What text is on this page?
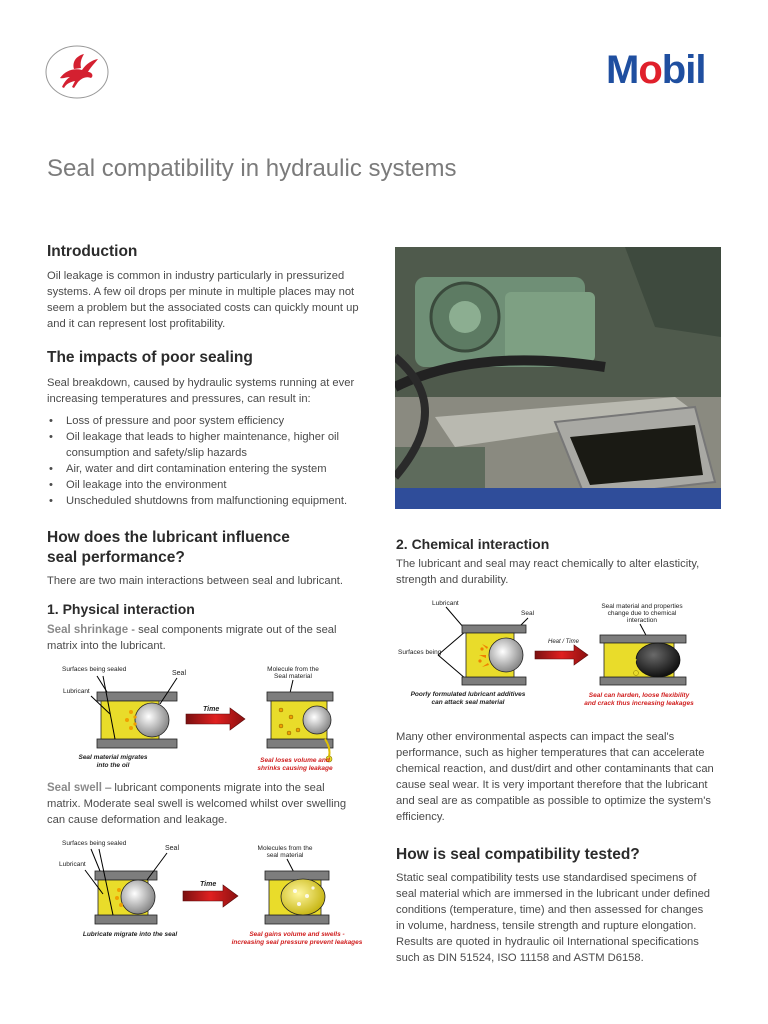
Mobil
Seal compatibility in hydraulic systems
Introduction
Oil leakage is common in industry particularly in pressurized
systems. A few oil drops per minute in multiple places may not
seem a problem but the associated costs can quickly mount up
and it can represent lost profitability.
The impacts of poor sealing
Seal breakdown, caused by hydraulic systems running at ever
increasing temperatures and pressures, can result in:
• Loss of pressure and poor system efficiency
• Oil leakage that leads to higher maintenance, higher oil
consumption and safety/slip hazards
• Air, water and dirt contamination entering the system
• Oil leakage into the environment
• Unscheduled shutdowns from malfunctioning equipment.
How does the lubricant influence
seal performance?

There are two main interactions between seal and lubricant.

1. Physical interaction
Seal shrinkage - seal components migrate out of the seal
matrix into the lubricant.
Surfaces being sealed
Seal
Lubricant
Seal material migrates
into the oil
Time
Molecule from the
Seal material
Seal loses volume and
shrinks causing leakage
Seal swell – lubricant components migrate into the seal
matrix. Moderate seal swell is welcomed whilst over swelling
can cause deformation and leakage.
Surfaces being sealed
Seal
Lubricant
Lubricate migrate into the seal
Time
Molecules from the
seal material
Seal gains volume and swells -
increasing seal pressure prevent leakages
2. Chemical interaction
The lubricant and seal may react chemically to alter elasticity,
strength and durability.
Lubricant
Seal
Surfaces being
Heat / Time
Seal material and properties
change due to chemical
interaction
Poorly formulated lubricant additives
can attack seal material
Seal can harden, loose flexibility
and crack thus increasing leakages
Many other environmental aspects can impact the seal's
performance, such as higher temperatures that can accelerate
chemical reaction, and dust/dirt and other contaminants that can
cause seal wear. It is very important therefore that the lubricant
and seal are as compatible as possible to optimize the system's
efficiency.
How is seal compatibility tested?
Static seal compatibility tests use standardised specimens of
seal material which are immersed in the lubricant under defined
conditions (temperature, time) and then assessed for changes
in volume, hardness, tensile strength and rupture elongation.
Results are quoted in hydraulic oil International specifications
such as DIN 51524, ISO 11158 and ASTM D6158.
